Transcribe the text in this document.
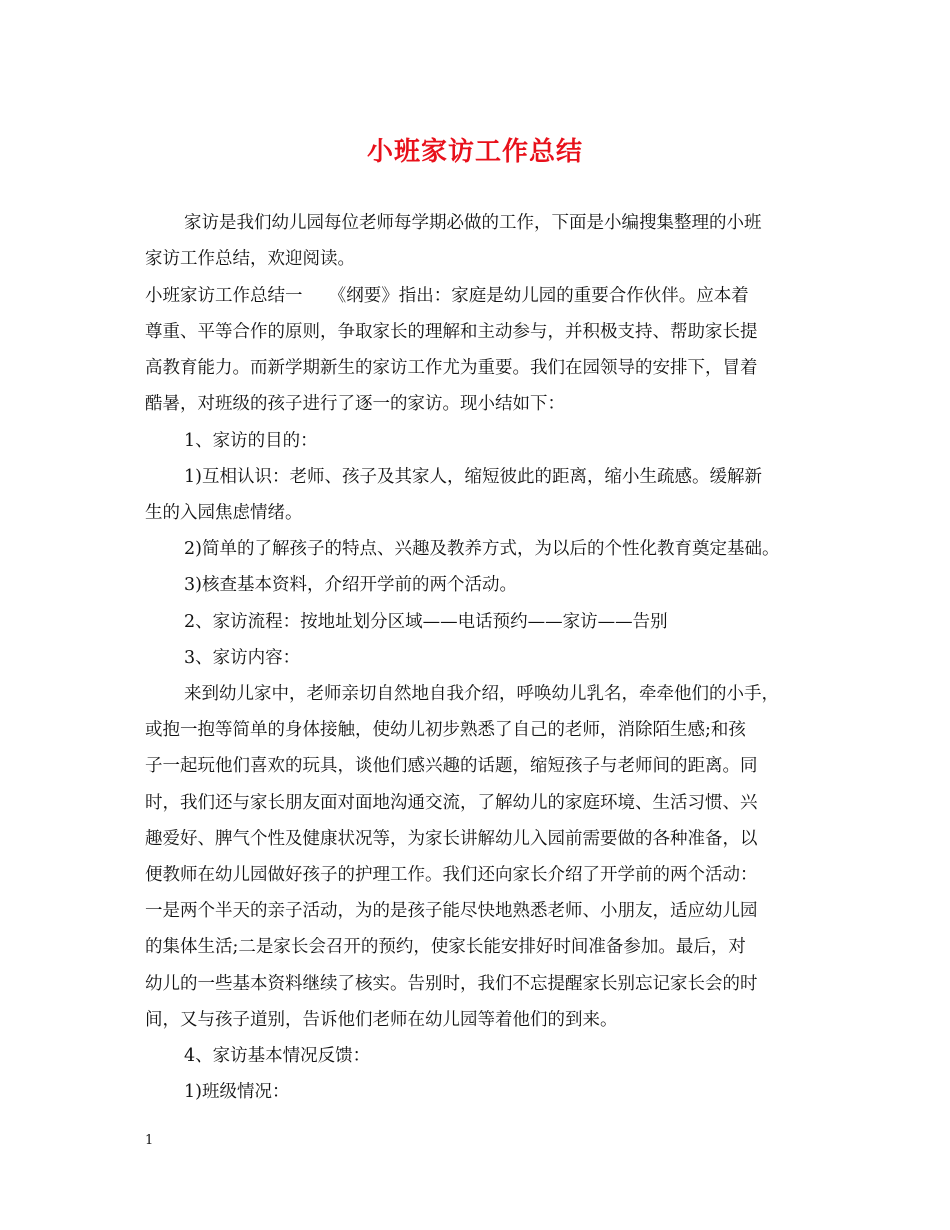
小班家访工作总结

家访是我们幼儿园每位老师每学期必做的工作，下面是小编搜集整理的小班

家访工作总结，欢迎阅读。

小班家访工作总结一　　《纲要》指出：家庭是幼儿园的重要合作伙伴。应本着

尊重、平等合作的原则，争取家长的理解和主动参与，并积极支持、帮助家长提

高教育能力。而新学期新生的家访工作尤为重要。我们在园领导的安排下，冒着

酷暑，对班级的孩子进行了逐一的家访。现小结如下：

1、家访的目的：

1)互相认识：老师、孩子及其家人，缩短彼此的距离，缩小生疏感。缓解新

生的入园焦虑情绪。

2)简单的了解孩子的特点、兴趣及教养方式，为以后的个性化教育奠定基础。

3)核查基本资料，介绍开学前的两个活动。

2、家访流程：按地址划分区域——电话预约——家访——告别

3、家访内容：

来到幼儿家中，老师亲切自然地自我介绍，呼唤幼儿乳名，牵牵他们的小手，

或抱一抱等简单的身体接触，使幼儿初步熟悉了自己的老师，消除陌生感;和孩

子一起玩他们喜欢的玩具，谈他们感兴趣的话题，缩短孩子与老师间的距离。同

时，我们还与家长朋友面对面地沟通交流，了解幼儿的家庭环境、生活习惯、兴

趣爱好、脾气个性及健康状况等，为家长讲解幼儿入园前需要做的各种准备，以

便教师在幼儿园做好孩子的护理工作。我们还向家长介绍了开学前的两个活动：

一是两个半天的亲子活动，为的是孩子能尽快地熟悉老师、小朋友，适应幼儿园

的集体生活;二是家长会召开的预约，使家长能安排好时间准备参加。最后，对

幼儿的一些基本资料继续了核实。告别时，我们不忘提醒家长别忘记家长会的时

间，又与孩子道别，告诉他们老师在幼儿园等着他们的到来。

4、家访基本情况反馈：

1)班级情况：

1
